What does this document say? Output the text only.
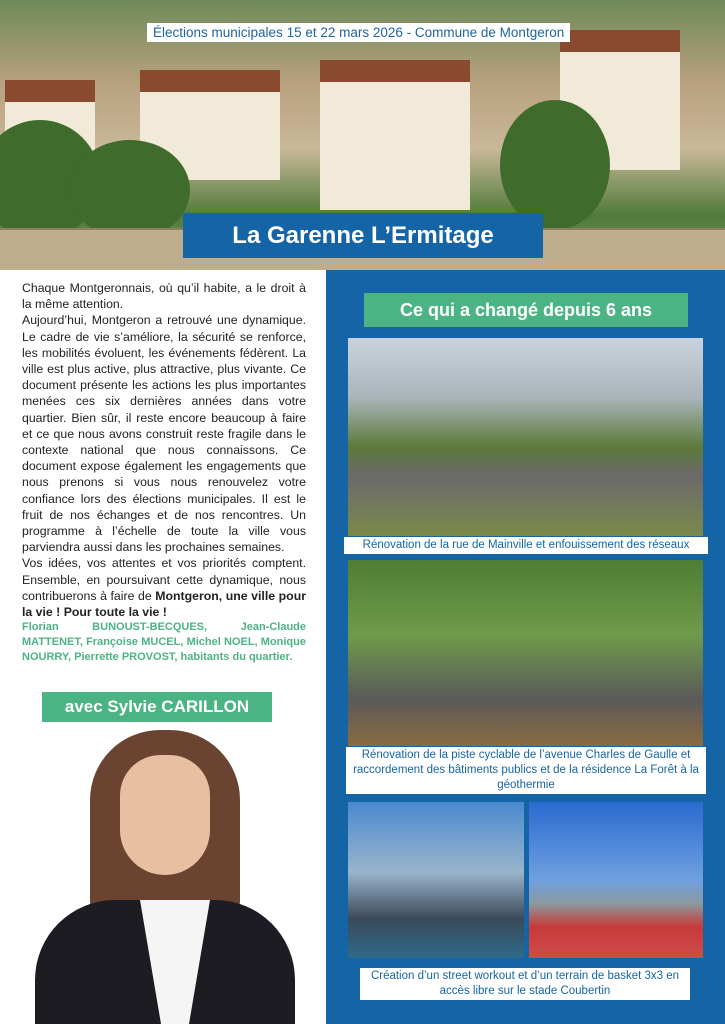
Élections municipales 15 et 22 mars 2026 - Commune de Montgeron
La Garenne L’Ermitage

Chaque Montgeronnais, où qu’il habite, a le droit à la même attention.

Aujourd’hui, Montgeron a retrouvé une dynamique. Le cadre de vie s’améliore, la sécurité se renforce, les mobilités évoluent, les événements fédèrent. La ville est plus active, plus attractive, plus vivante. Ce document présente les actions les plus importantes menées ces six dernières années dans votre quartier. Bien sûr, il reste encore beaucoup à faire et ce que nous avons construit reste fragile dans le contexte national que nous connaissons. Ce document expose également les engagements que nous prenons si vous nous renouvelez votre confiance lors des élections municipales. Il est le fruit de nos échanges et de nos rencontres. Un programme à l’échelle de toute la ville vous parviendra aussi dans les prochaines semaines.

Vos idées, vos attentes et vos priorités comptent. Ensemble, en poursuivant cette dynamique, nous contribuerons à faire de Montgeron, une ville pour la vie ! Pour toute la vie !

Florian BUNOUST-BECQUES, Jean-Claude MATTENET, Françoise MUCEL, Michel NOEL, Monique NOURRY, Pierrette PROVOST, habitants du quartier.

avec Sylvie CARILLON
Ce qui a changé depuis 6 ans
Rénovation de la rue de Mainville et enfouissement des réseaux
Rénovation de la piste cyclable de l’avenue Charles de Gaulle et raccordement des bâtiments publics et de la résidence La Forêt à la géothermie
Création d’un street workout et d’un terrain de basket 3x3 en accès libre sur le stade Coubertin
